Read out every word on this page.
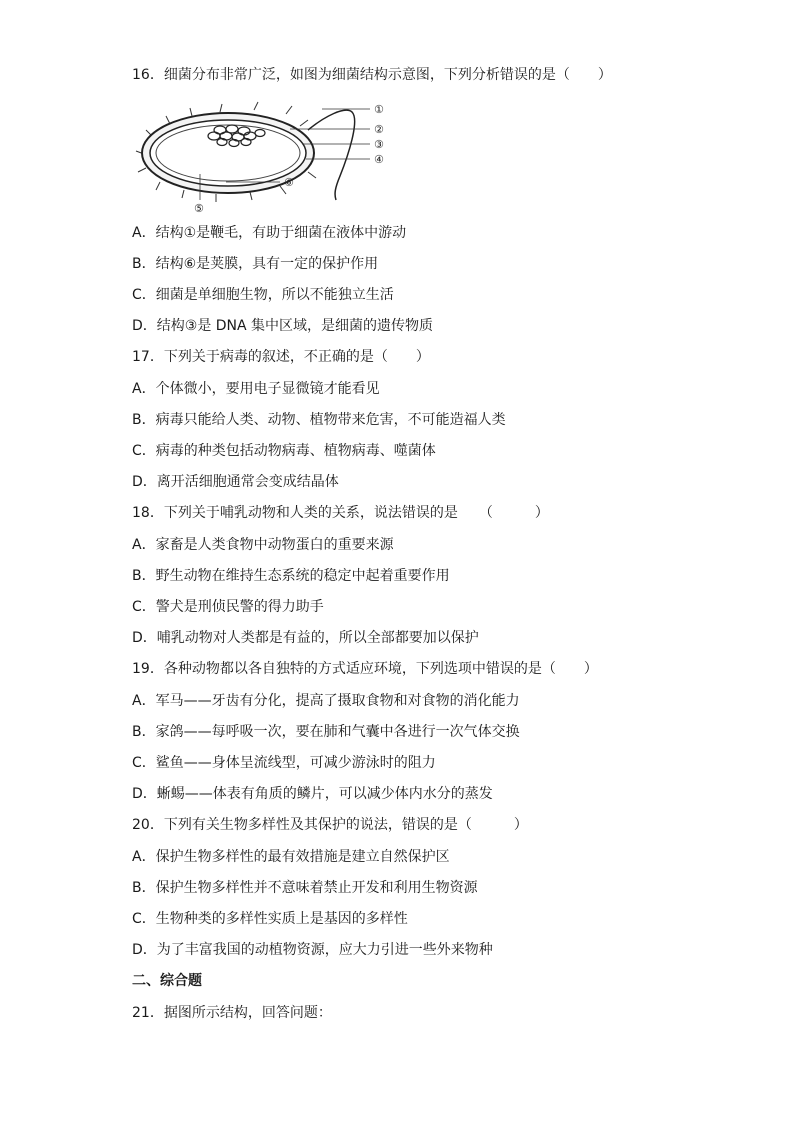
16．细菌分布非常广泛，如图为细菌结构示意图，下列分析错误的是（　　）
①
②
③
④
⑥
⑤
A．结构①是鞭毛，有助于细菌在液体中游动
B．结构⑥是荚膜，具有一定的保护作用
C．细菌是单细胞生物，所以不能独立生活
D．结构③是 DNA 集中区域，是细菌的遗传物质
17．下列关于病毒的叙述，不正确的是（　　）
A．个体微小，要用电子显微镜才能看见
B．病毒只能给人类、动物、植物带来危害，不可能造福人类
C．病毒的种类包括动物病毒、植物病毒、噬菌体
D．离开活细胞通常会变成结晶体
18．下列关于哺乳动物和人类的关系，说法错误的是　　（　　　）
A．家畜是人类食物中动物蛋白的重要来源
B．野生动物在维持生态系统的稳定中起着重要作用
C．警犬是刑侦民警的得力助手
D．哺乳动物对人类都是有益的，所以全部都要加以保护
19．各种动物都以各自独特的方式适应环境，下列选项中错误的是（　　）
A．军马——牙齿有分化，提高了摄取食物和对食物的消化能力
B．家鸽——每呼吸一次，要在肺和气囊中各进行一次气体交换
C．鲨鱼——身体呈流线型，可减少游泳时的阻力
D．蜥蜴——体表有角质的鳞片，可以减少体内水分的蒸发
20．下列有关生物多样性及其保护的说法，错误的是（　　　）
A．保护生物多样性的最有效措施是建立自然保护区
B．保护生物多样性并不意味着禁止开发和利用生物资源
C．生物种类的多样性实质上是基因的多样性
D．为了丰富我国的动植物资源，应大力引进一些外来物种
二、综合题
21．据图所示结构，回答问题：
